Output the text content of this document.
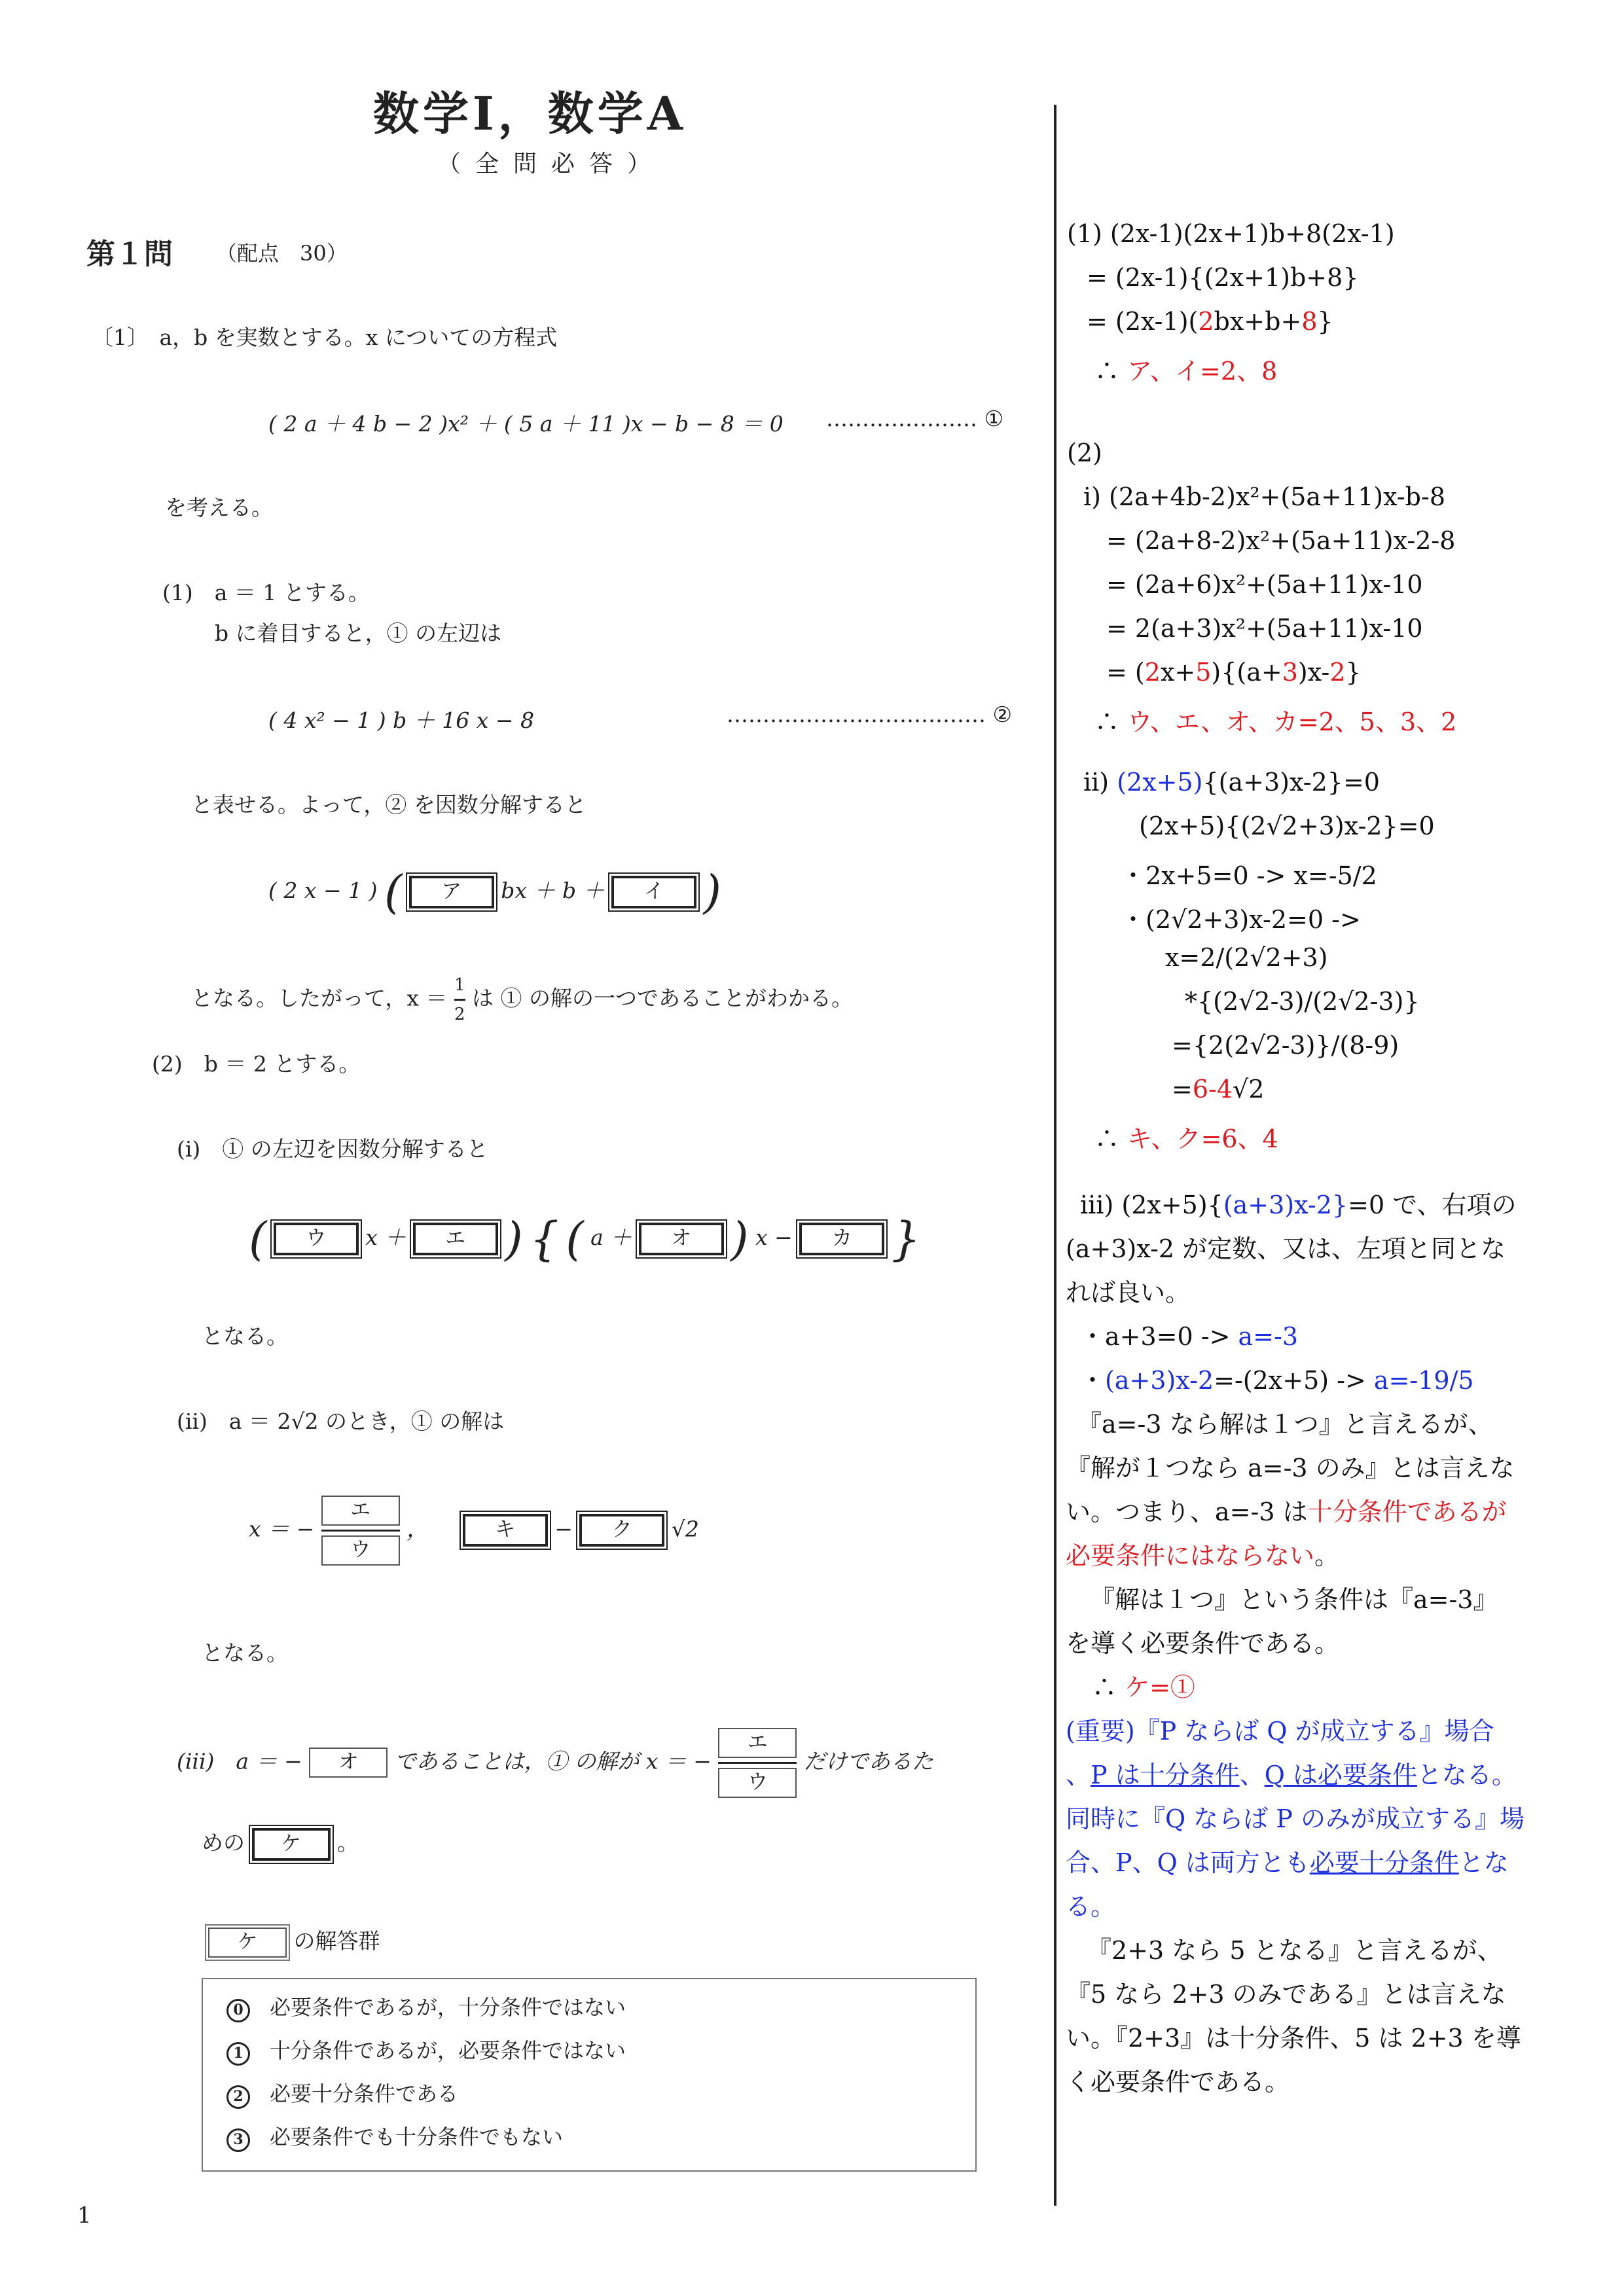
数学Ⅰ，数学A
（全問必答）
第１問 （配点　30）
〔1〕　a，b を実数とする。x についての方程式
( 2 a ＋ 4 b − 2 )x² ＋ ( 5 a ＋ 11 )x − b − 8 ＝ 0 ………………… ①
を考える。
(1)　a ＝ 1 とする。
b に着目すると，① の左辺は
( 4 x² − 1 ) b ＋ 16 x − 8	……………………………… ②
と表せる。よって，② を因数分解すると
( 2 x − 1 ) ( ア bx ＋ b ＋ イ )
となる。したがって，$x = \frac{1}{2}$ は ① の解の一つであることがわかる。
(2)　b ＝ 2 とする。
(i)　① の左辺を因数分解すると
( ウ x ＋ エ ) { ( a ＋ オ ) x − カ }
となる。
(ii)　a ＝ 2√2 のとき，① の解は
x ＝ − $\frac{\text{エ}}{\text{ウ}}$ ，	キ − ク √2
となる。
(iii)　a ＝ − オ であることは，① の解が x ＝ − $\frac{\text{エ}}{\text{ウ}}$ だけであるた
めの ケ 。
ケ の解答群
0 必要条件であるが，十分条件ではない
1 十分条件であるが，必要条件ではない
2 必要十分条件である
3 必要条件でも十分条件でもない
1
(1) (2x-1)(2x+1)b+8(2x-1)
= (2x-1){(2x+1)b+8}
= (2x-1)(2bx+b+8}
∴ ア、イ=2、8
(2)
ⅰ) (2a+4b-2)x²+(5a+11)x-b-8
= (2a+8-2)x²+(5a+11)x-2-8
= (2a+6)x²+(5a+11)x-10
= 2(a+3)x²+(5a+11)x-10
= (2x+5){(a+3)x-2}
∴ ウ、エ、オ、カ=2、5、3、2
ⅱ) (2x+5){(a+3)x-2}=0
(2x+5){(2√2+3)x-2}=0
・2x+5=0 -> x=-5/2
・(2√2+3)x-2=0 ->
x=2/(2√2+3)
*{(2√2-3)/(2√2-3)}
={2(2√2-3)}/(8-9)
=6-4√2
∴ キ、ク=6、4
ⅲ) (2x+5){(a+3)x-2}=0 で、右項の
(a+3)x-2 が定数、又は、左項と同とな
れば良い。
・a+3=0 -> a=-3
・(a+3)x-2=-(2x+5) -> a=-19/5
『a=-3 なら解は１つ』と言えるが、
『解が１つなら a=-3 のみ』とは言えな
い。つまり、a=-3 は十分条件であるが
必要条件にはならない。
『解は１つ』という条件は『a=-3』
を導く必要条件である。
∴ ケ=①
(重要)『P ならば Q が成立する』場合
、P は十分条件、Q は必要条件となる。
同時に『Q ならば P のみが成立する』場
合、P、Q は両方とも必要十分条件とな
る。
『2+3 なら 5 となる』と言えるが、
『5 なら 2+3 のみである』とは言えな
い。『2+3』は十分条件、5 は 2+3 を導
く必要条件である。
